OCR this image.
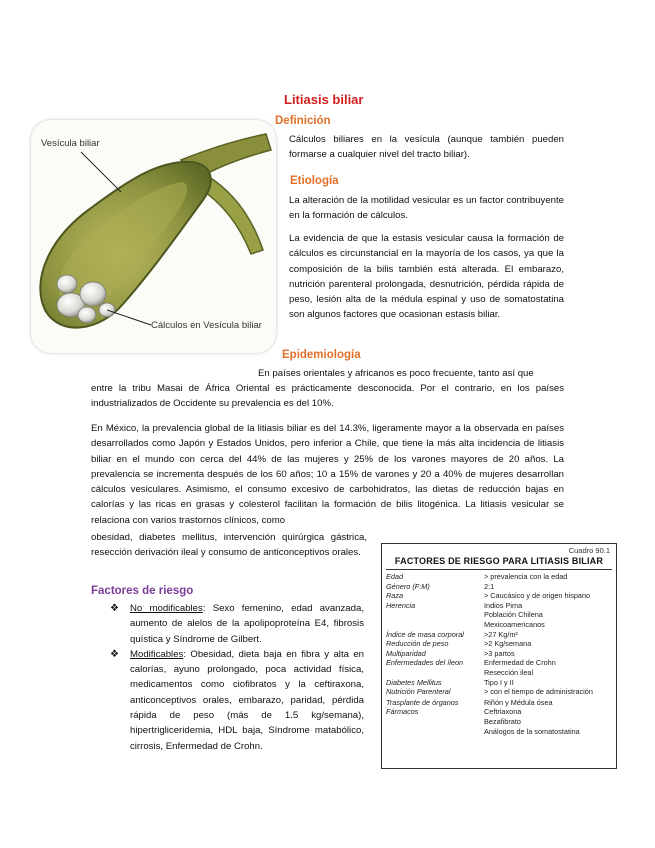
Litiasis biliar
Vesícula biliar
Cálculos en Vesícula biliar
Definición
Cálculos biliares en la vesícula (aunque también pueden formarse a cualquier nivel del tracto biliar).
Etiología
La alteración de la motilidad vesicular es un factor contribuyente en la formación de cálculos.
La evidencia de que la estasis vesicular causa la formación de cálculos es circunstancial en la mayoría de los casos, ya que la composición de la bilis también está alterada. El embarazo, nutrición parenteral prolongada, desnutrición, pérdida rápida de peso, lesión alta de la médula espinal y uso de somatostatina son algunos factores que ocasionan estasis biliar.
Epidemiología
En países orientales y africanos es poco frecuente, tanto así que
entre la tribu Masai de África Oriental es prácticamente desconocida. Por el contrario, en los países industrializados de Occidente su prevalencia es del 10%.
En México, la prevalencia global de la litiasis biliar es del 14.3%, ligeramente mayor a la observada en países desarrollados como Japón y Estados Unidos, pero inferior a Chile, que tiene la más alta incidencia de litiasis biliar en el mundo con cerca del 44% de las mujeres y 25% de los varones mayores de 20 años. La prevalencia se incrementa después de los 60 años; 10 a 15% de varones y 20 a 40% de mujeres desarrollan cálculos vesiculares. Asimismo, el consumo excesivo de carbohidratos, las dietas de reducción bajas en calorías y las ricas en grasas y colesterol facilitan la formación de bilis litogénica. La litiasis vesicular se relaciona con varios trastornos clínicos, como
obesidad, diabetes mellitus, intervención quirúrgica gástrica, resección derivación ileal y consumo de anticonceptivos orales.
Factores de riesgo
❖ No modificables: Sexo femenino, edad avanzada, aumento de alelos de la apolipoproteína E4, fibrosis quística y Síndrome de Gilbert.
❖ Modificables: Obesidad, dieta baja en fibra y alta en calorías, ayuno prolongado, poca actividad física, medicamentos como ciofibratos y la ceftiraxona, anticonceptivos orales, embarazo, paridad, pérdida rápida de peso (más de 1.5 kg/semana), hipertrigliceridemia, HDL baja, Síndrome matabólico, cirrosis, Enfermedad de Crohn.
Cuadro 90.1
FACTORES DE RIESGO PARA LITIASIS BILIAR
Edad	> prevalencia con la edad
Género (F:M)	2:1
Raza	> Caucásico y de origen hispano
Herencia	Indios Pima
Población Chilena
Mexicoamericanos
Índice de masa corporal	>27 Kg/m²
Reducción de peso	>2 Kg/semana
Multiparidad	>3 partos
Enfermedades del íleon	Enfermedad de Crohn
Resección ileal
Diabetes Mellitus	Tipo I y II
Nutrición Parenteral	> con el tiempo de administración
Trasplante de órganos	Riñón y Médula ósea
Fármacos	Ceftriaxona
Bezafibrato
Análogos de la somatostatina
